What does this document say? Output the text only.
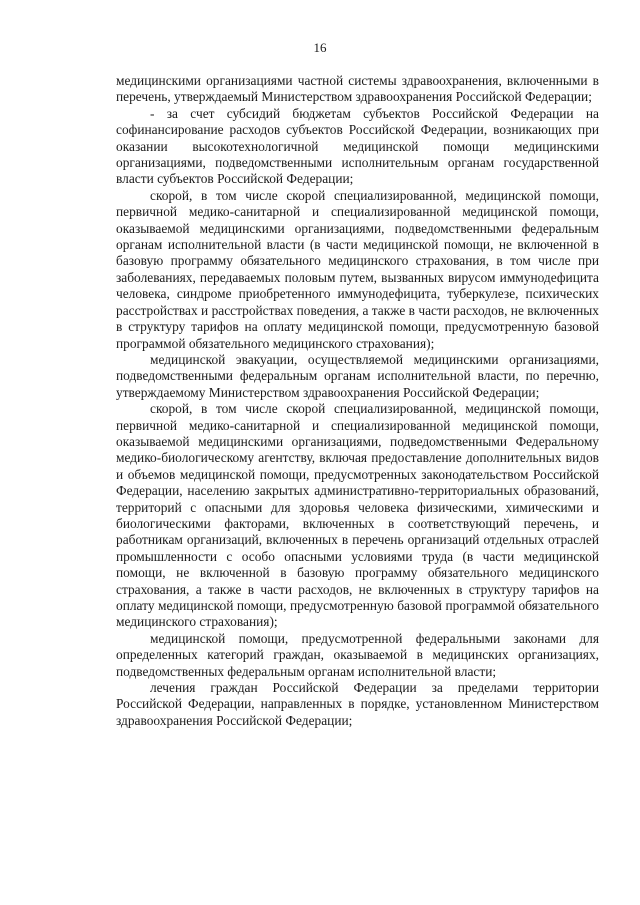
16

медицинскими организациями частной системы здравоохранения, включенными в перечень, утверждаемый Министерством здравоохранения Российской Федерации;

- за счет субсидий бюджетам субъектов Российской Федерации на софинансирование расходов субъектов Российской Федерации, возникающих при оказании высокотехнологичной медицинской помощи медицинскими организациями, подведомственными исполнительным органам государственной власти субъектов Российской Федерации;

скорой, в том числе скорой специализированной, медицинской помощи, первичной медико-санитарной и специализированной медицинской помощи, оказываемой медицинскими организациями, подведомственными федеральным органам исполнительной власти (в части медицинской помощи, не включенной в базовую программу обязательного медицинского страхования, в том числе при заболеваниях, передаваемых половым путем, вызванных вирусом иммунодефицита человека, синдроме приобретенного иммунодефицита, туберкулезе, психических расстройствах и расстройствах поведения, а также в части расходов, не включенных в структуру тарифов на оплату медицинской помощи, предусмотренную базовой программой обязательного медицинского страхования);

медицинской эвакуации, осуществляемой медицинскими организациями, подведомственными федеральным органам исполнительной власти, по перечню, утверждаемому Министерством здравоохранения Российской Федерации;

скорой, в том числе скорой специализированной, медицинской помощи, первичной медико-санитарной и специализированной медицинской помощи, оказываемой медицинскими организациями, подведомственными Федеральному медико-биологическому агентству, включая предоставление дополнительных видов и объемов медицинской помощи, предусмотренных законодательством Российской Федерации, населению закрытых административно-территориальных образований, территорий с опасными для здоровья человека физическими, химическими и биологическими факторами, включенных в соответствующий перечень, и работникам организаций, включенных в перечень организаций отдельных отраслей промышленности с особо опасными условиями труда (в части медицинской помощи, не включенной в базовую программу обязательного медицинского страхования, а также в части расходов, не включенных в структуру тарифов на оплату медицинской помощи, предусмотренную базовой программой обязательного медицинского страхования);

медицинской помощи, предусмотренной федеральными законами для определенных категорий граждан, оказываемой в медицинских организациях, подведомственных федеральным органам исполнительной власти;

лечения граждан Российской Федерации за пределами территории Российской Федерации, направленных в порядке, установленном Министерством здравоохранения Российской Федерации;
